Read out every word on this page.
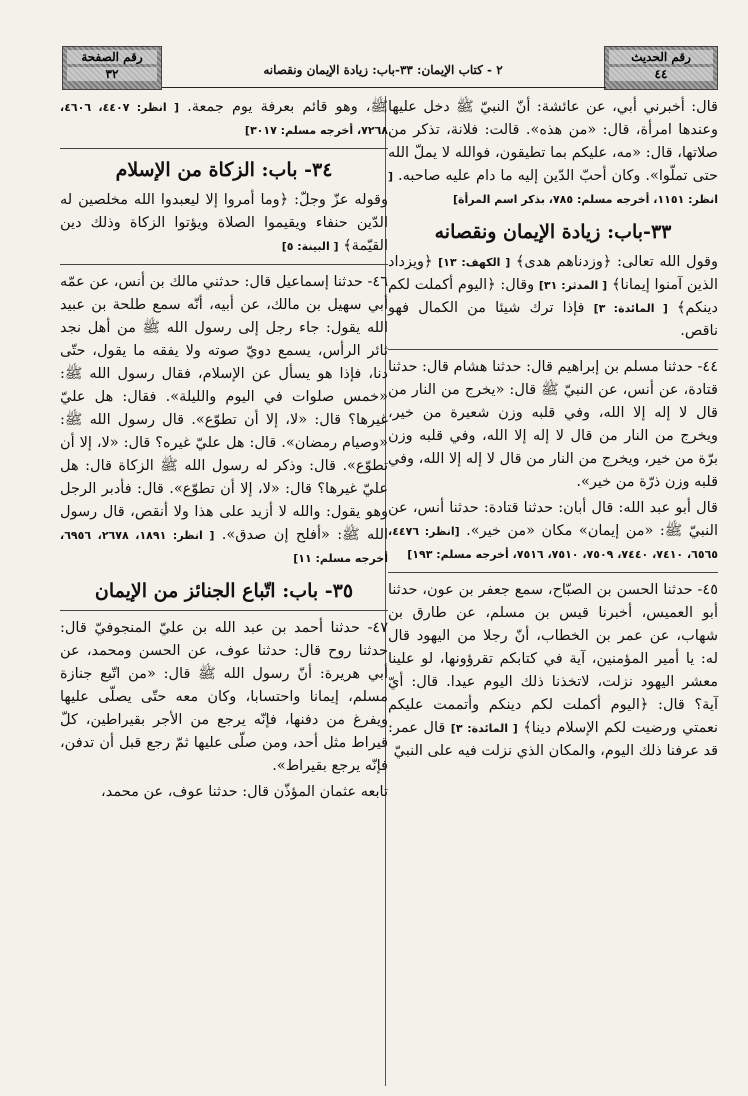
رقم الحديث
٤٤
٢ - كتاب الإيمان: ٣٣-باب: زيادة الإيمان ونقصانه
رقم الصفحة
٣٢

قال: أخبرني أبي، عن عائشة: أنّ النبيّ ﷺ دخل عليها وعندها امرأة، قال: «من هذه». قالت: فلانة، تذكر من صلاتها، قال: «مه، عليكم بما تطيقون، فوالله لا يملّ الله حتى تملّوا». وكان أحبّ الدّين إليه ما دام عليه صاحبه. [ انظر: ١١٥١، أخرجه مسلم: ٧٨٥، بذكر اسم المرأة]

٣٣-باب: زيادة الإيمان ونقصانه

وقول الله تعالى: ﴿وزدناهم هدى﴾ [ الكهف: ١٣] ﴿ويزداد الذين آمنوا إيمانا﴾ [ المدثر: ٣١] وقال: ﴿اليوم أكملت لكم دينكم﴾ [ المائدة: ٣] فإذا ترك شيئا من الكمال فهو ناقص.

٤٤- حدثنا مسلم بن إبراهيم قال: حدثنا هشام قال: حدثنا قتادة، عن أنس، عن النبيّ ﷺ قال: «يخرج من النار من قال لا إله إلا الله، وفي قلبه وزن شعيرة من خير، ويخرج من النار من قال لا إله إلا الله، وفي قلبه وزن برّة من خير، ويخرج من النار من قال لا إله إلا الله، وفي قلبه وزن ذرّة من خير».

قال أبو عبد الله: قال أبان: حدثنا قتادة: حدثنا أنس، عن النبيّ ﷺ: «من إيمان» مكان «من خير». [انظر: ٤٤٧٦، ٦٥٦٥، ٧٤١٠، ٧٤٤٠، ٧٥٠٩، ٧٥١٠، ٧٥١٦، أخرجه مسلم: ١٩٣]

٤٥- حدثنا الحسن بن الصبّاح، سمع جعفر بن عون، حدثنا أبو العميس، أخبرنا قيس بن مسلم، عن طارق بن شهاب، عن عمر بن الخطاب، أنّ رجلا من اليهود قال له: يا أمير المؤمنين، آية في كتابكم تقرؤونها، لو علينا معشر اليهود نزلت، لاتخذنا ذلك اليوم عيدا. قال: أيّ آية؟ قال: ﴿اليوم أكملت لكم دينكم وأتممت عليكم نعمتي ورضيت لكم الإسلام دينا﴾ [ المائدة: ٣] قال عمر: قد عرفنا ذلك اليوم، والمكان الذي نزلت فيه على النبيّ

ﷺ، وهو قائم بعرفة يوم جمعة. [ انظر: ٤٤٠٧، ٤٦٠٦، ٧٢٦٨، أخرجه مسلم: ٣٠١٧]

٣٤- باب: الزكاة من الإسلام

وقوله عزّ وجلّ: ﴿وما أمروا إلا ليعبدوا الله مخلصين له الدّين حنفاء ويقيموا الصلاة ويؤتوا الزكاة وذلك دين القيّمة﴾ [ البينة: ٥]

٤٦- حدثنا إسماعيل قال: حدثني مالك بن أنس، عن عمّه أبي سهيل بن مالك، عن أبيه، أنّه سمع طلحة بن عبيد الله يقول: جاء رجل إلى رسول الله ﷺ من أهل نجد ثائر الرأس، يسمع دويّ صوته ولا يفقه ما يقول، حتّى دنا، فإذا هو يسأل عن الإسلام، فقال رسول الله ﷺ: «خمس صلوات في اليوم والليلة». فقال: هل عليّ غيرها؟ قال: «لا، إلا أن تطوّع». قال رسول الله ﷺ: «وصيام رمضان». قال: هل عليّ غيره؟ قال: «لا، إلا أن تطوّع». قال: وذكر له رسول الله ﷺ الزكاة قال: هل عليّ غيرها؟ قال: «لا، إلا أن تطوّع». قال: فأدبر الرجل وهو يقول: والله لا أزيد على هذا ولا أنقص، قال رسول الله ﷺ: «أفلح إن صدق». [ انظر: ١٨٩١، ٢٦٧٨، ٦٩٥٦، أخرجه مسلم: ١١]

٣٥- باب: اتّباع الجنائز من الإيمان

٤٧- حدثنا أحمد بن عبد الله بن عليّ المنجوفيّ قال: حدثنا روح قال: حدثنا عوف، عن الحسن ومحمد، عن أبي هريرة: أنّ رسول الله ﷺ قال: «من اتّبع جنازة مسلم، إيمانا واحتسابا، وكان معه حتّى يصلّى عليها ويفرغ من دفنها، فإنّه يرجع من الأجر بقيراطين، كلّ قيراط مثل أحد، ومن صلّى عليها ثمّ رجع قبل أن تدفن، فإنّه يرجع بقيراط».

تابعه عثمان المؤذّن قال: حدثنا عوف، عن محمد،
